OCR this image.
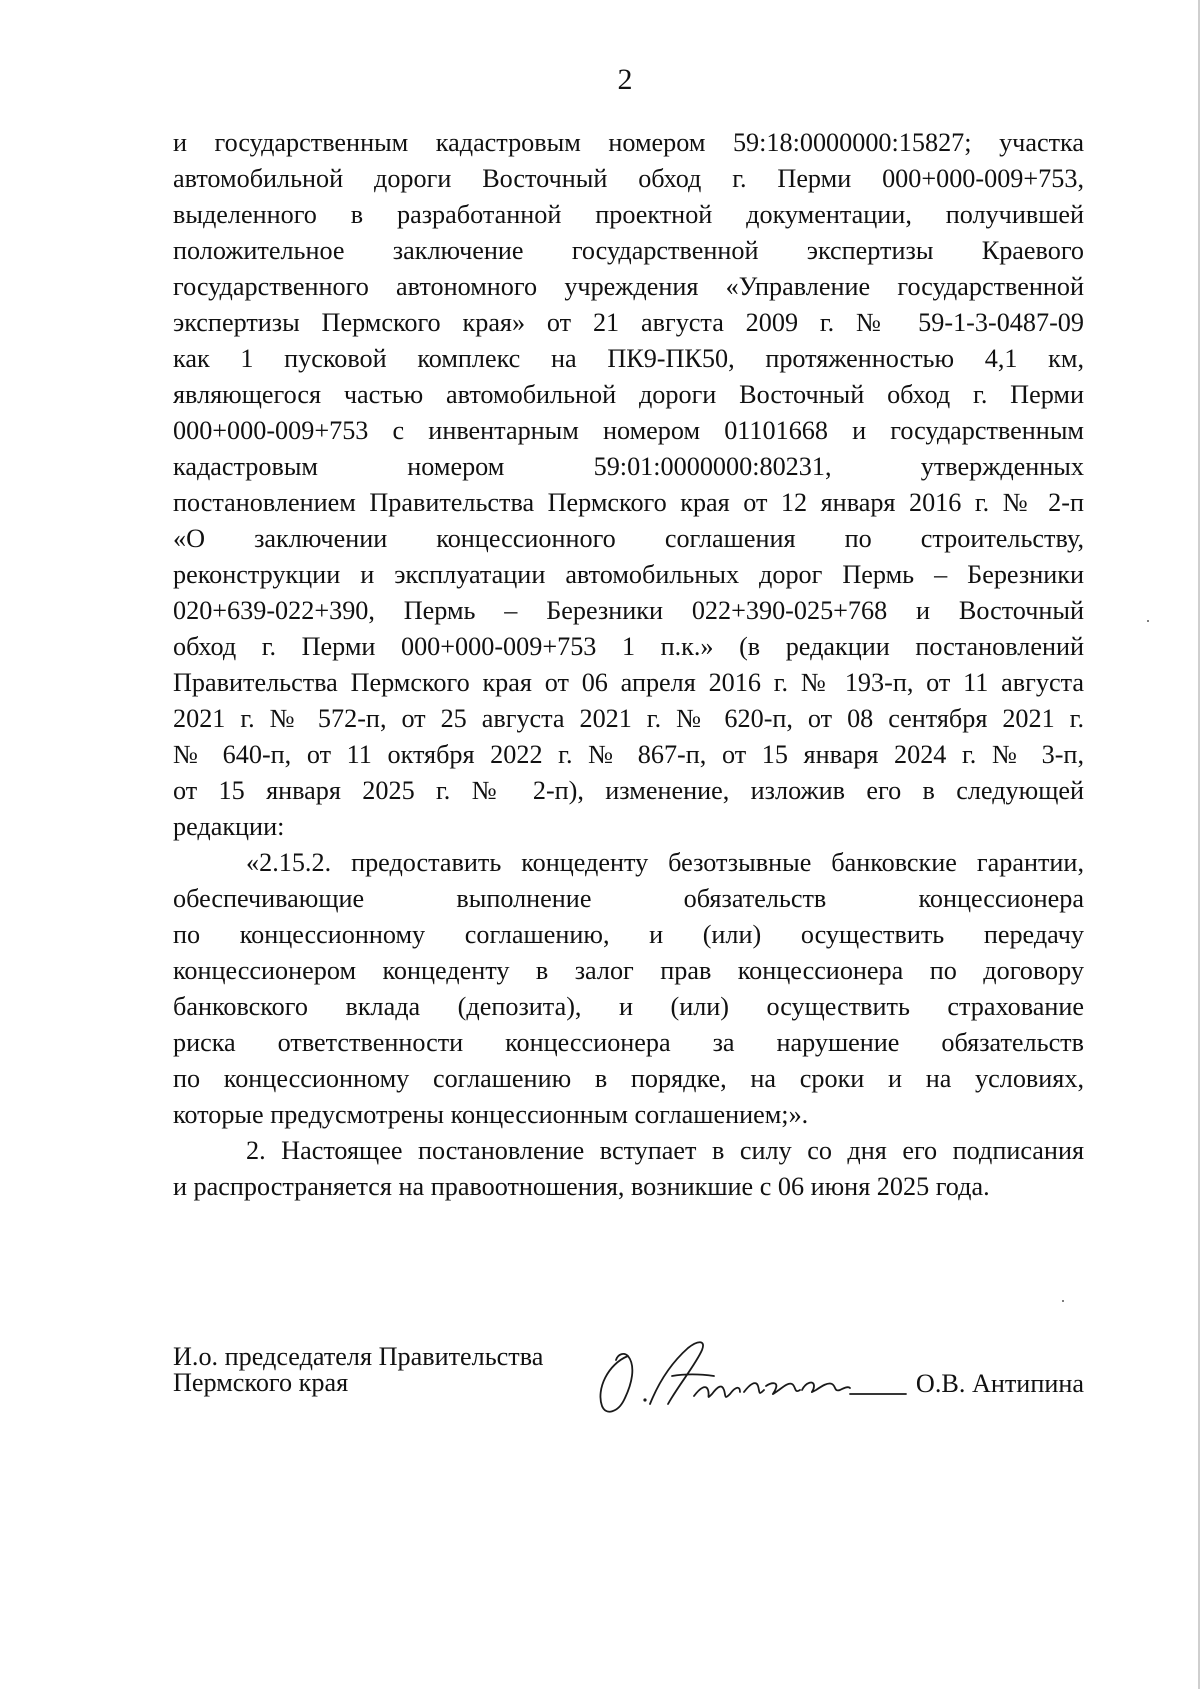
2
и государственным кадастровым номером 59:18:0000000:15827; участка
автомобильной дороги Восточный обход г. Перми 000+000-009+753,
выделенного в разработанной проектной документации, получившей
положительное заключение государственной экспертизы Краевого
государственного автономного учреждения «Управление государственной
экспертизы Пермского края» от 21 августа 2009 г. № 59-1-3-0487-09
как 1 пусковой комплекс на ПК9-ПК50, протяженностью 4,1 км,
являющегося частью автомобильной дороги Восточный обход г. Перми
000+000-009+753 с инвентарным номером 01101668 и государственным
кадастровым номером 59:01:0000000:80231, утвержденных
постановлением Правительства Пермского края от 12 января 2016 г. № 2-п
«О заключении концессионного соглашения по строительству,
реконструкции и эксплуатации автомобильных дорог Пермь – Березники
020+639-022+390, Пермь – Березники 022+390-025+768 и Восточный
обход г. Перми 000+000-009+753 1 п.к.» (в редакции постановлений
Правительства Пермского края от 06 апреля 2016 г. № 193-п, от 11 августа
2021 г. № 572-п, от 25 августа 2021 г. № 620-п, от 08 сентября 2021 г.
№ 640-п, от 11 октября 2022 г. № 867-п, от 15 января 2024 г. № 3-п,
от 15 января 2025 г. № 2-п), изменение, изложив его в следующей
редакции:
«2.15.2. предоставить концеденту безотзывные банковские гарантии,
обеспечивающие выполнение обязательств концессионера
по концессионному соглашению, и (или) осуществить передачу
концессионером концеденту в залог прав концессионера по договору
банковского вклада (депозита), и (или) осуществить страхование
риска ответственности концессионера за нарушение обязательств
по концессионному соглашению в порядке, на сроки и на условиях,
которые предусмотрены концессионным соглашением;».
2. Настоящее постановление вступает в силу со дня его подписания
и распространяется на правоотношения, возникшие с 06 июня 2025 года.
И.о. председателя Правительства
Пермского края	О.В. Антипина
